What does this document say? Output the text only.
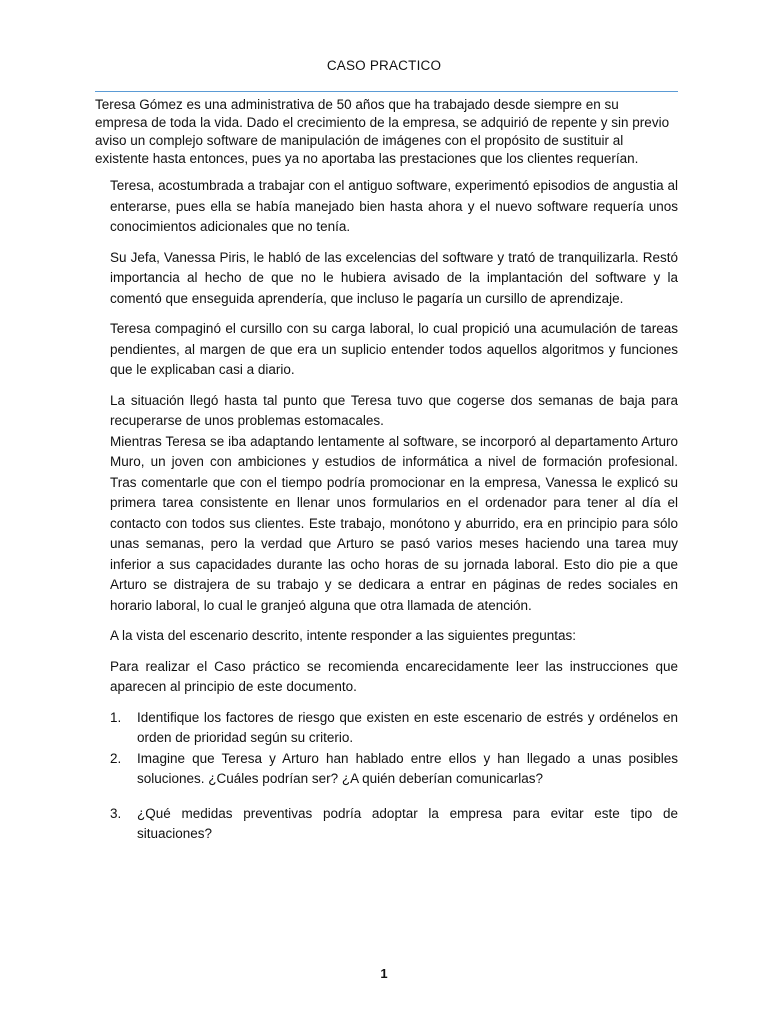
CASO PRACTICO

Teresa Gómez es una administrativa de 50 años que ha trabajado desde siempre en su empresa de toda la vida. Dado el crecimiento de la empresa, se adquirió de repente y sin previo aviso un complejo software de manipulación de imágenes con el propósito de sustituir al existente hasta entonces, pues ya no aportaba las prestaciones que los clientes requerían.

Teresa, acostumbrada a trabajar con el antiguo software, experimentó episodios de angustia al enterarse, pues ella se había manejado bien hasta ahora y el nuevo software requería unos conocimientos adicionales que no tenía.

Su Jefa, Vanessa Piris, le habló de las excelencias del software y trató de tranquilizarla. Restó importancia al hecho de que no le hubiera avisado de la implantación del software y la comentó que enseguida aprendería, que incluso le pagaría un cursillo de aprendizaje.

Teresa compaginó el cursillo con su carga laboral, lo cual propició una acumulación de tareas pendientes, al margen de que era un suplicio entender todos aquellos algoritmos y funciones que le explicaban casi a diario.

La situación llegó hasta tal punto que Teresa tuvo que cogerse dos semanas de baja para recuperarse de unos problemas estomacales.

Mientras Teresa se iba adaptando lentamente al software, se incorporó al departamento Arturo Muro, un joven con ambiciones y estudios de informática a nivel de formación profesional. Tras comentarle que con el tiempo podría promocionar en la empresa, Vanessa le explicó su primera tarea consistente en llenar unos formularios en el ordenador para tener al día el contacto con todos sus clientes. Este trabajo, monótono y aburrido, era en principio para sólo unas semanas, pero la verdad que Arturo se pasó varios meses haciendo una tarea muy inferior a sus capacidades durante las ocho horas de su jornada laboral. Esto dio pie a que Arturo se distrajera de su trabajo y se dedicara a entrar en páginas de redes sociales en horario laboral, lo cual le granjeó alguna que otra llamada de atención.

A la vista del escenario descrito, intente responder a las siguientes preguntas:

Para realizar el Caso práctico se recomienda encarecidamente leer las instrucciones que aparecen al principio de este documento.

1. Identifique los factores de riesgo que existen en este escenario de estrés y ordénelos en orden de prioridad según su criterio.
2. Imagine que Teresa y Arturo han hablado entre ellos y han llegado a unas posibles soluciones. ¿Cuáles podrían ser? ¿A quién deberían comunicarlas?
3. ¿Qué medidas preventivas podría adoptar la empresa para evitar este tipo de situaciones?
1
